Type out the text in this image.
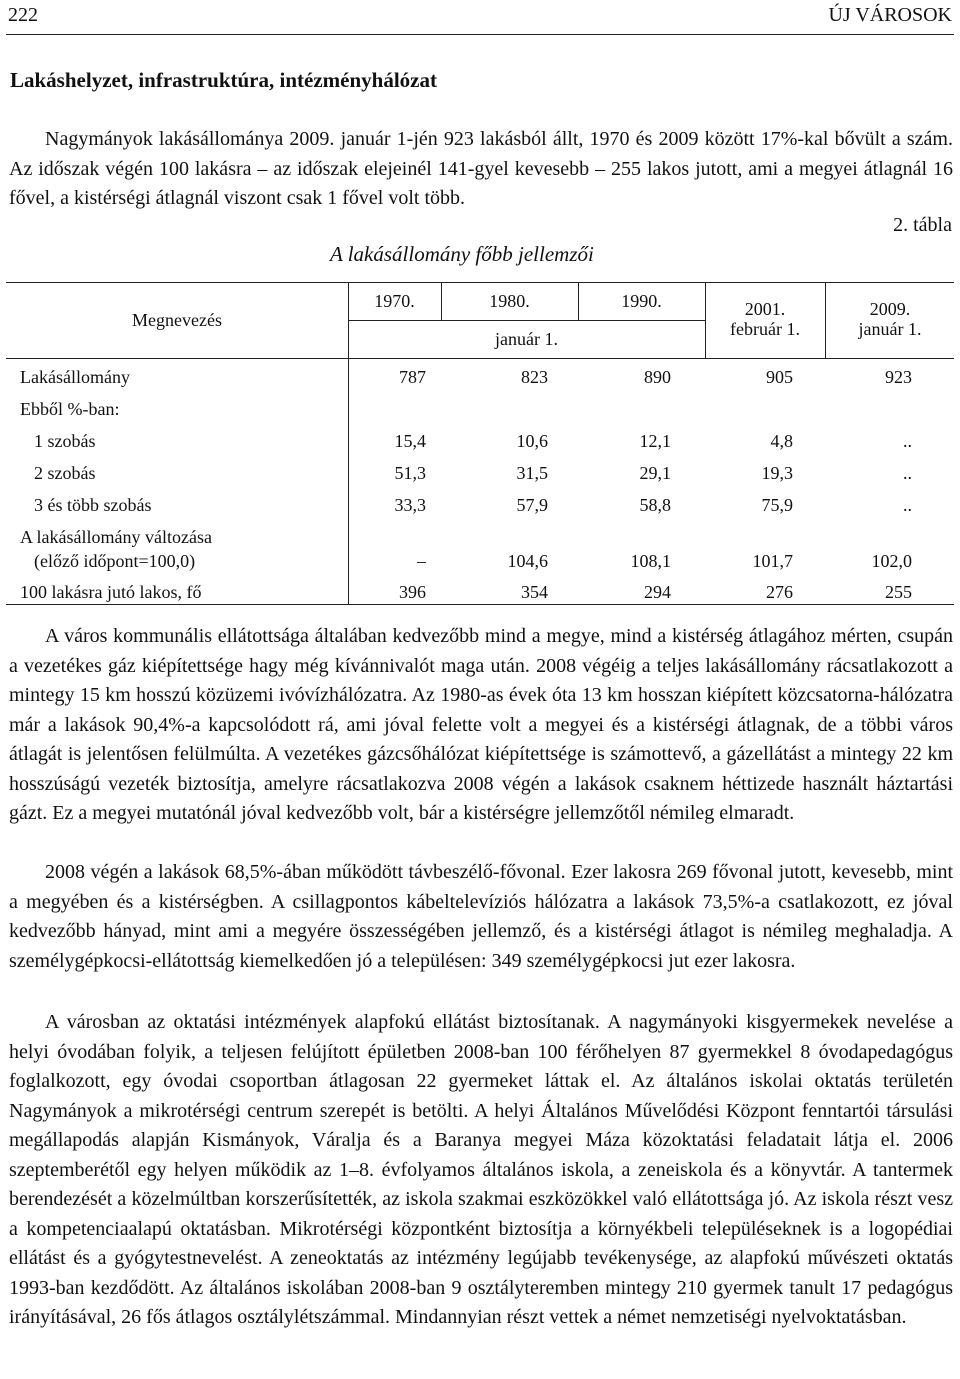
222	ÚJ VÁROSOK
Lakáshelyzet, infrastruktúra, intézményhálózat

Nagymányok lakásállománya 2009. január 1-jén 923 lakásból állt, 1970 és 2009 között 17%-kal bővült a szám. Az időszak végén 100 lakásra – az időszak elejeinél 141-gyel kevesebb – 255 lakos jutott, ami a megyei átlagnál 16 fővel, a kistérségi átlagnál viszont csak 1 fővel volt több.

2. tábla
A lakásállomány főbb jellemzői
Megnevezés
1970.	1980.	1990.
január 1.
2001.
február 1.
2009.
január 1.
Lakásállomány	787	823	890	905	923
Ebből %-ban:
1 szobás	15,4	10,6	12,1	4,8	..
2 szobás	51,3	31,5	29,1	19,3	..
3 és több szobás	33,3	57,9	58,8	75,9	..
A lakásállomány változása
(előző időpont=100,0)	–	104,6	108,1	101,7	102,0
100 lakásra jutó lakos, fő	396	354	294	276	255

A város kommunális ellátottsága általában kedvezőbb mind a megye, mind a kistérség átlagához mérten, csupán a vezetékes gáz kiépítettsége hagy még kívánnivalót maga után. 2008 végéig a teljes lakásállomány rácsatlakozott a mintegy 15 km hosszú közüzemi ivóvízhálózatra. Az 1980-as évek óta 13 km hosszan kiépített közcsatorna-hálózatra már a lakások 90,4%-a kapcsolódott rá, ami jóval felette volt a megyei és a kistérségi átlagnak, de a többi város átlagát is jelentősen felülmúlta. A vezetékes gázcsőhálózat kiépítettsége is számottevő, a gázellátást a mintegy 22 km hosszúságú vezeték biztosítja, amelyre rácsatlakozva 2008 végén a lakások csaknem héttizede használt háztartási gázt. Ez a megyei mutatónál jóval kedvezőbb volt, bár a kistérségre jellemzőtől némileg elmaradt.

2008 végén a lakások 68,5%-ában működött távbeszélő-fővonal. Ezer lakosra 269 fővonal jutott, kevesebb, mint a megyében és a kistérségben. A csillagpontos kábeltelevíziós hálózatra a lakások 73,5%-a csatlakozott, ez jóval kedvezőbb hányad, mint ami a megyére összességében jellemző, és a kistérségi átlagot is némileg meghaladja. A személygépkocsi-ellátottság kiemelkedően jó a településen: 349 személygépkocsi jut ezer lakosra.

A városban az oktatási intézmények alapfokú ellátást biztosítanak. A nagymányoki kisgyermekek nevelése a helyi óvodában folyik, a teljesen felújított épületben 2008-ban 100 férőhelyen 87 gyermekkel 8 óvodapedagógus foglalkozott, egy óvodai csoportban átlagosan 22 gyermeket láttak el. Az általános iskolai oktatás területén Nagymányok a mikrotérségi centrum szerepét is betölti. A helyi Általános Művelődési Központ fenntartói társulási megállapodás alapján Kismányok, Váralja és a Baranya megyei Máza közoktatási feladatait látja el. 2006 szeptemberétől egy helyen működik az 1–8. évfolyamos általános iskola, a zeneiskola és a könyvtár. A tantermek berendezését a közelmúltban korszerűsítették, az iskola szakmai eszközökkel való ellátottsága jó. Az iskola részt vesz a kompetenciaalapú oktatásban. Mikrotérségi központként biztosítja a környékbeli településeknek is a logopédiai ellátást és a gyógytestnevelést. A zeneoktatás az intézmény legújabb tevékenysége, az alapfokú művészeti oktatás 1993-ban kezdődött. Az általános iskolában 2008-ban 9 osztályteremben mintegy 210 gyermek tanult 17 pedagógus irányításával, 26 fős átlagos osztálylétszámmal. Mindannyian részt vettek a német nemzetiségi nyelvoktatásban.
